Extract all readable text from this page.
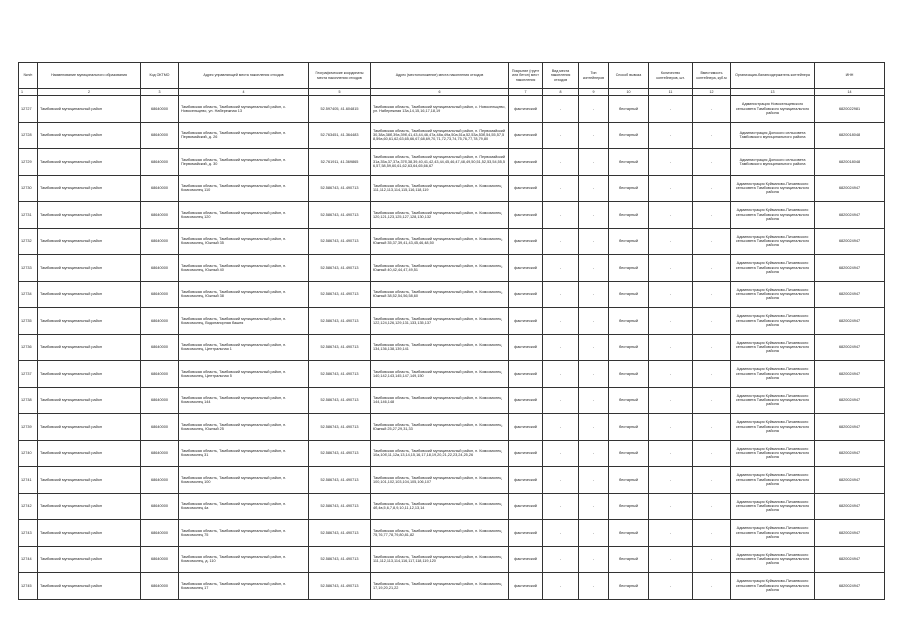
№п/п	Наименование муниципального образования	Код ОКТМО	Адрес управляющей места накопления отходов	Географические координаты места накопления отходов	Адрес (местоположение) места накопления отходов	Покрытие (грунт или бетон) мест накопления	Вид места накопления отходов	Тип контейнеров	Способ вывоза	Количество контейнеров, шт.	Вместимость контейнера, куб.м	Организация-балансодержатель контейнера	ИНН
1	2	3	4	5	6	7	8	9	10	11	12	13	14
12727	Тамбовский муниципальный район	68640000	Тамбовская область, Тамбовский муниципальный район, с. Новосельцево, ул. Набережная 13	52.597405, 41.604815	Тамбовская область, Тамбовский муниципальный район, с. Новосельцево, ул. Набережная 13а,14,15,16,17,18,19	фактический	-	-	бестарный	-	-	Администрация Новосельцевского сельсовета Тамбовского муниципального района	6820022981
12728	Тамбовский муниципальный район	68640000	Тамбовская область, Тамбовский муниципальный район, п. Первомайский, д. 26	52.763451, 41.364483	Тамбовская область, Тамбовский муниципальный район, п. Первомайский 30,38а,38б,39а,39б,41,43,44,46,47а,48а,49а,50а,51а,52,53а,53б,54,55,57,58,59а,60,61,62,63,65,66,67,68,69,70,71,72,73,74,75,76,77,78,79,80	фактический	-	-	бестарный	-	-	Администрация Донского сельсовета Тамбовского муниципального района	6820018048
12729	Тамбовский муниципальный район	68640000	Тамбовская область, Тамбовский муниципальный район, п. Первомайский, д. 30	52.761911, 41.369865	Тамбовская область, Тамбовский муниципальный район, п. Первомайский 31а,35а,37,37а,37б,38,39,40,41,42,43,44,45,46,47,48,49,50,51,52,53,54,55,56,57,58,59,60,61,62,63,64,65,66,67	фактический	-	-	бестарный	-	-	Администрация Донского сельсовета Тамбовского муниципального района	6820018048
12730	Тамбовский муниципальный район	68640000	Тамбовская область, Тамбовский муниципальный район, п. Комсомолец 110	52.586743, 41.490713	Тамбовская область, Тамбовский муниципальный район, п. Комсомолец 111,112,113,114,115,116,118,119	фактический	-	-	бестарный	-	-	Администрация Куйманово-Пичаевского сельсовета Тамбовского муниципального района	6820024947
12731	Тамбовский муниципальный район	68640000	Тамбовская область, Тамбовский муниципальный район, п. Комсомолец 120	52.586743, 41.490713	Тамбовская область, Тамбовский муниципальный район, п. Комсомолец 120,121,123,125,127,128,130,132	фактический	-	-	бестарный	-	-	Администрация Куйманово-Пичаевского сельсовета Тамбовского муниципального района	6820024947
12732	Тамбовский муниципальный район	68640000	Тамбовская область, Тамбовский муниципальный район, п. Комсомолец, Южный 35	52.586743, 41.490713	Тамбовская область, Тамбовский муниципальный район, п. Комсомолец, Южный 35,37,39,41,43,45,46,48,50	фактический	-	-	бестарный	-	-	Администрация Куйманово-Пичаевского сельсовета Тамбовского муниципального района	6820024947
12733	Тамбовский муниципальный район	68640000	Тамбовская область, Тамбовский муниципальный район, п. Комсомолец, Южный 40	52.586743, 41.490713	Тамбовская область, Тамбовский муниципальный район, п. Комсомолец, Южный 40,42,44,47,49,51	фактический	-	-	бестарный	-	-	Администрация Куйманово-Пичаевского сельсовета Тамбовского муниципального района	6820024947
12734	Тамбовский муниципальный район	68640000	Тамбовская область, Тамбовский муниципальный район, п. Комсомолец, Южный 38	52.586743, 41.490713	Тамбовская область, Тамбовский муниципальный район, п. Комсомолец, Южный 38,52,54,56,58,60	фактический	-	-	бестарный	-	-	Администрация Куйманово-Пичаевского сельсовета Тамбовского муниципального района	6820024947
12735	Тамбовский муниципальный район	68640000	Тамбовская область, Тамбовский муниципальный район, п. Комсомолец, Водонапорная башня	52.586743, 41.490713	Тамбовская область, Тамбовский муниципальный район, п. Комсомолец 122,124,126,129,131,133,135,137	фактический	-	-	бестарный	-	-	Администрация Куйманово-Пичаевского сельсовета Тамбовского муниципального района	6820024947
12736	Тамбовский муниципальный район	68640000	Тамбовская область, Тамбовский муниципальный район, п. Комсомолец, Центральная 1	52.586743, 41.490713	Тамбовская область, Тамбовский муниципальный район, п. Комсомолец 134,136,138,139,141	фактический	-	-	бестарный	-	-	Администрация Куйманово-Пичаевского сельсовета Тамбовского муниципального района	6820024947
12737	Тамбовский муниципальный район	68640000	Тамбовская область, Тамбовский муниципальный район, п. Комсомолец, Центральная 5	52.586743, 41.490713	Тамбовская область, Тамбовский муниципальный район, п. Комсомолец 140,142,143,145,147,149,150	фактический	-	-	бестарный	-	-	Администрация Куйманово-Пичаевского сельсовета Тамбовского муниципального района	6820024947
12738	Тамбовский муниципальный район	68640000	Тамбовская область, Тамбовский муниципальный район, п. Комсомолец 144	52.586743, 41.490713	Тамбовская область, Тамбовский муниципальный район, п. Комсомолец 144,146,148	фактический	-	-	бестарный	-	-	Администрация Куйманово-Пичаевского сельсовета Тамбовского муниципального района	6820024947
12739	Тамбовский муниципальный район	68640000	Тамбовская область, Тамбовский муниципальный район, п. Комсомолец, Южный 25	52.586743, 41.490713	Тамбовская область, Тамбовский муниципальный район, п. Комсомолец, Южный 25,27,29,31,33	фактический	-	-	бестарный	-	-	Администрация Куйманово-Пичаевского сельсовета Тамбовского муниципального района	6820024947
12740	Тамбовский муниципальный район	68640000	Тамбовская область, Тамбовский муниципальный район, п. Комсомолец 31	52.586743, 41.490713	Тамбовская область, Тамбовский муниципальный район, п. Комсомолец 10а,10б,11,12а,13,14,15,16,17,18,19,20,21,22,23,24,25,26	фактический	-	-	бестарный	-	-	Администрация Куйманово-Пичаевского сельсовета Тамбовского муниципального района	6820024947
12741	Тамбовский муниципальный район	68640000	Тамбовская область, Тамбовский муниципальный район, п. Комсомолец 100	52.586743, 41.490713	Тамбовская область, Тамбовский муниципальный район, п. Комсомолец 100,101,102,103,104,105,106,107	фактический	-	-	бестарный	-	-	Администрация Куйманово-Пичаевского сельсовета Тамбовского муниципального района	6820024947
12742	Тамбовский муниципальный район	68640000	Тамбовская область, Тамбовский муниципальный район, п. Комсомолец 4а	52.586743, 41.490713	Тамбовская область, Тамбовский муниципальный район, п. Комсомолец 4б,4в,5,6,7,8,9,10,11,12,13,14	фактический	-	-	бестарный	-	-	Администрация Куйманово-Пичаевского сельсовета Тамбовского муниципального района	6820024947
12743	Тамбовский муниципальный район	68640000	Тамбовская область, Тамбовский муниципальный район, п. Комсомолец 75	52.586743, 41.490713	Тамбовская область, Тамбовский муниципальный район, п. Комсомолец 75,76,77,78,79,80,81,82	фактический	-	-	бестарный	-	-	Администрация Куйманово-Пичаевского сельсовета Тамбовского муниципального района	6820024947
12744	Тамбовский муниципальный район	68640000	Тамбовская область, Тамбовский муниципальный район, п. Комсомолец, д. 110	52.586743, 41.490713	Тамбовская область, Тамбовский муниципальный район, п. Комсомолец 111,112,113,114,116,117,118,119,120	фактический	-	-	бестарный	-	-	Администрация Куйманово-Пичаевского сельсовета Тамбовского муниципального района	6820024947
12745	Тамбовский муниципальный район	68640000	Тамбовская область, Тамбовский муниципальный район, п. Комсомолец 17	52.586743, 41.490713	Тамбовская область, Тамбовский муниципальный район, п. Комсомолец 17,19,20,21,22	фактический	-	-	бестарный	-	-	Администрация Куйманово-Пичаевского сельсовета Тамбовского муниципального района	6820024947
